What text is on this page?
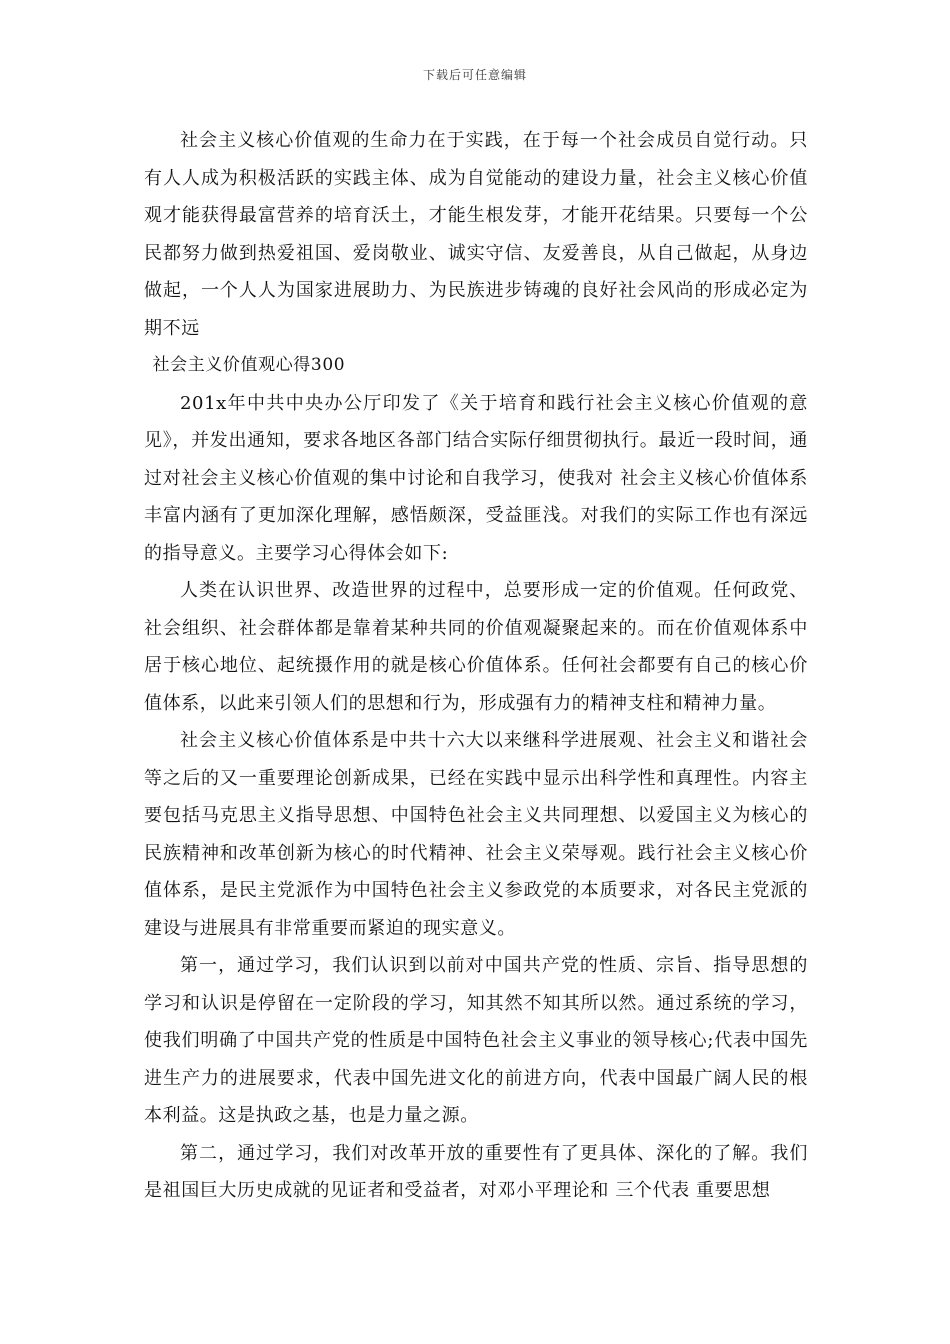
下载后可任意编辑

社会主义核心价值观的生命力在于实践，在于每一个社会成员自觉行动。只有人人成为积极活跃的实践主体、成为自觉能动的建设力量，社会主义核心价值观才能获得最富营养的培育沃土，才能生根发芽，才能开花结果。只要每一个公民都努力做到热爱祖国、爱岗敬业、诚实守信、友爱善良，从自己做起，从身边做起，一个人人为国家进展助力、为民族进步铸魂的良好社会风尚的形成必定为期不远

社会主义价值观心得300

201x年中共中央办公厅印发了《关于培育和践行社会主义核心价值观的意见》，并发出通知，要求各地区各部门结合实际仔细贯彻执行。最近一段时间，通过对社会主义核心价值观的集中讨论和自我学习，使我对 社会主义核心价值体系 丰富内涵有了更加深化理解，感悟颇深，受益匪浅。对我们的实际工作也有深远的指导意义。主要学习心得体会如下:

人类在认识世界、改造世界的过程中，总要形成一定的价值观。任何政党、社会组织、社会群体都是靠着某种共同的价值观凝聚起来的。而在价值观体系中居于核心地位、起统摄作用的就是核心价值体系。任何社会都要有自己的核心价值体系，以此来引领人们的思想和行为，形成强有力的精神支柱和精神力量。

社会主义核心价值体系是中共十六大以来继科学进展观、社会主义和谐社会等之后的又一重要理论创新成果，已经在实践中显示出科学性和真理性。内容主要包括马克思主义指导思想、中国特色社会主义共同理想、以爱国主义为核心的民族精神和改革创新为核心的时代精神、社会主义荣辱观。践行社会主义核心价值体系，是民主党派作为中国特色社会主义参政党的本质要求，对各民主党派的建设与进展具有非常重要而紧迫的现实意义。

第一，通过学习，我们认识到以前对中国共产党的性质、宗旨、指导思想的学习和认识是停留在一定阶段的学习，知其然不知其所以然。通过系统的学习，使我们明确了中国共产党的性质是中国特色社会主义事业的领导核心;代表中国先进生产力的进展要求，代表中国先进文化的前进方向，代表中国最广阔人民的根本利益。这是执政之基，也是力量之源。

第二，通过学习，我们对改革开放的重要性有了更具体、深化的了解。我们是祖国巨大历史成就的见证者和受益者，对邓小平理论和 三个代表 重要思想
